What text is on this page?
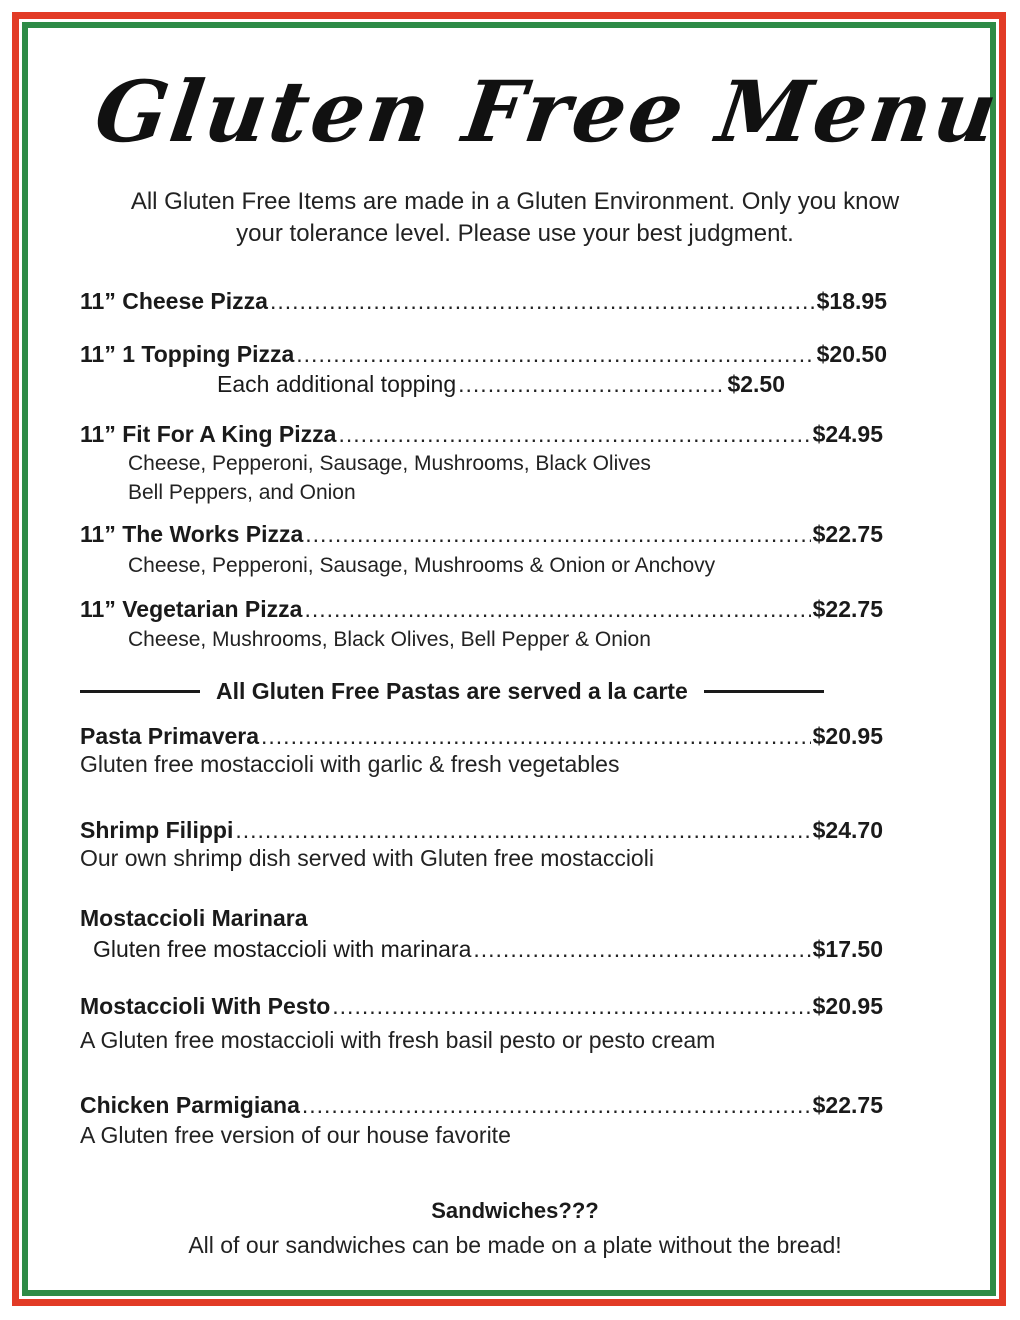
Gluten Free Menu
All Gluten Free Items are made in a Gluten Environment. Only you know
your tolerance level. Please use your best judgment.
11” Cheese Pizza .....	$18.95
11” 1 Topping Pizza .....	$20.50
Each additional topping .....	$2.50
11” Fit For A King Pizza .....	$24.95
Cheese, Pepperoni, Sausage, Mushrooms, Black Olives
Bell Peppers, and Onion
11” The Works Pizza .....	$22.75
Cheese, Pepperoni, Sausage, Mushrooms & Onion or Anchovy
11” Vegetarian Pizza .....	$22.75
Cheese, Mushrooms, Black Olives, Bell Pepper & Onion
All Gluten Free Pastas are served a la carte
Pasta Primavera .....	$20.95
Gluten free mostaccioli with garlic & fresh vegetables
Shrimp Filippi .....	$24.70
Our own shrimp dish served with Gluten free mostaccioli
Mostaccioli Marinara
Gluten free mostaccioli with marinara .....	$17.50
Mostaccioli With Pesto .....	$20.95
A Gluten free mostaccioli with fresh basil pesto or pesto cream
Chicken Parmigiana .....	$22.75
A Gluten free version of our house favorite
Sandwiches???
All of our sandwiches can be made on a plate without the bread!
